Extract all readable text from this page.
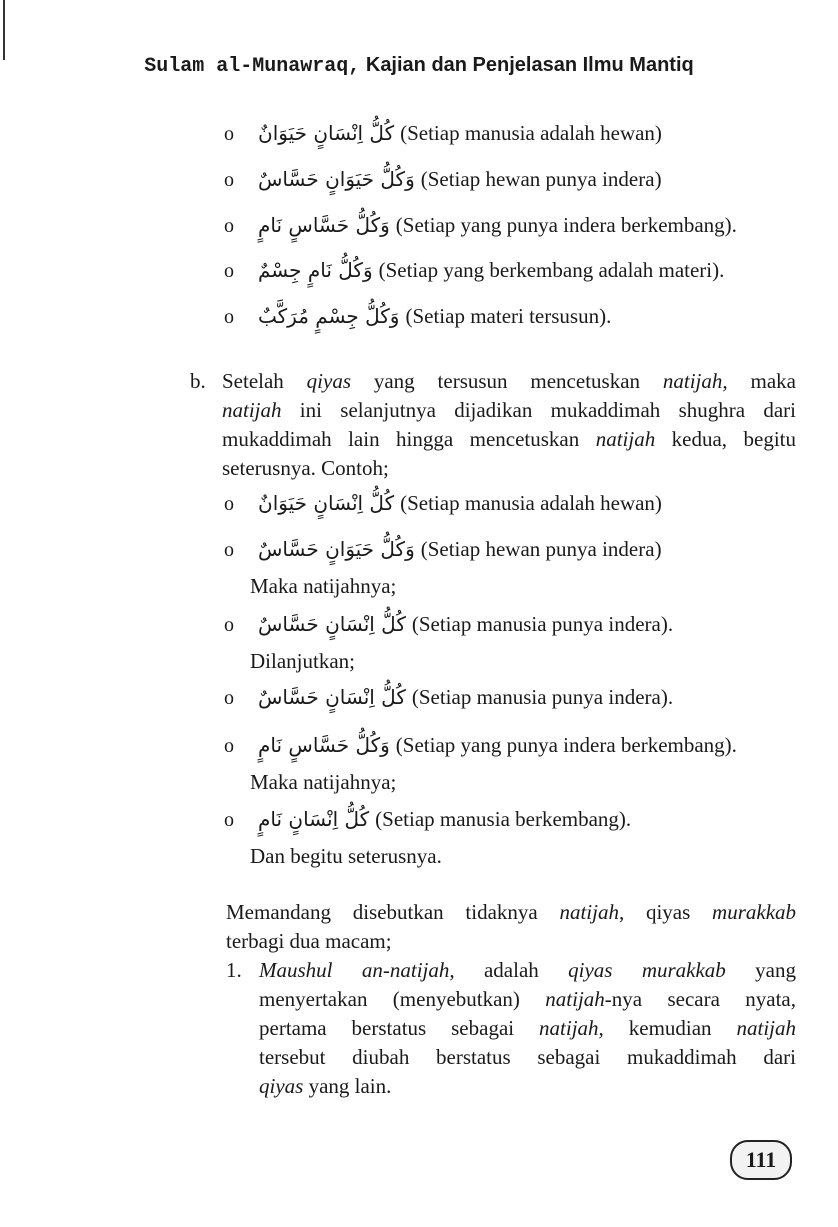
Sulam al-Munawraq, Kajian dan Penjelasan Ilmu Mantiq
o كُلُّ اِنْسَانٍ حَيَوَانٌ (Setiap manusia adalah hewan)
o وَكُلُّ حَيَوَانٍ حَسَّاسٌ (Setiap hewan punya indera)
o وَكُلُّ حَسَّاسٍ نَامٍ (Setiap yang punya indera berkembang).
o وَكُلُّ نَامٍ جِسْمٌ (Setiap yang berkembang adalah materi).
o وَكُلُّ جِسْمٍ مُرَكَّبٌ (Setiap materi tersusun).
b. Setelah qiyas yang tersusun mencetuskan natijah, maka
natijah ini selanjutnya dijadikan mukaddimah shughra dari
mukaddimah lain hingga mencetuskan natijah kedua, begitu
seterusnya. Contoh;
o كُلُّ اِنْسَانٍ حَيَوَانٌ (Setiap manusia adalah hewan)
o وَكُلُّ حَيَوَانٍ حَسَّاسٌ (Setiap hewan punya indera)
Maka natijahnya;
o كُلُّ اِنْسَانٍ حَسَّاسٌ (Setiap manusia punya indera).
Dilanjutkan;
o كُلُّ اِنْسَانٍ حَسَّاسٌ (Setiap manusia punya indera).
o وَكُلُّ حَسَّاسٍ نَامٍ (Setiap yang punya indera berkembang).
Maka natijahnya;
o كُلُّ اِنْسَانٍ نَامٍ (Setiap manusia berkembang).
Dan begitu seterusnya.
Memandang disebutkan tidaknya natijah, qiyas murakkab
terbagi dua macam;
1. Maushul an-natijah, adalah qiyas murakkab yang
menyertakan (menyebutkan) natijah-nya secara nyata,
pertama berstatus sebagai natijah, kemudian natijah
tersebut diubah berstatus sebagai mukaddimah dari
qiyas yang lain.
111
